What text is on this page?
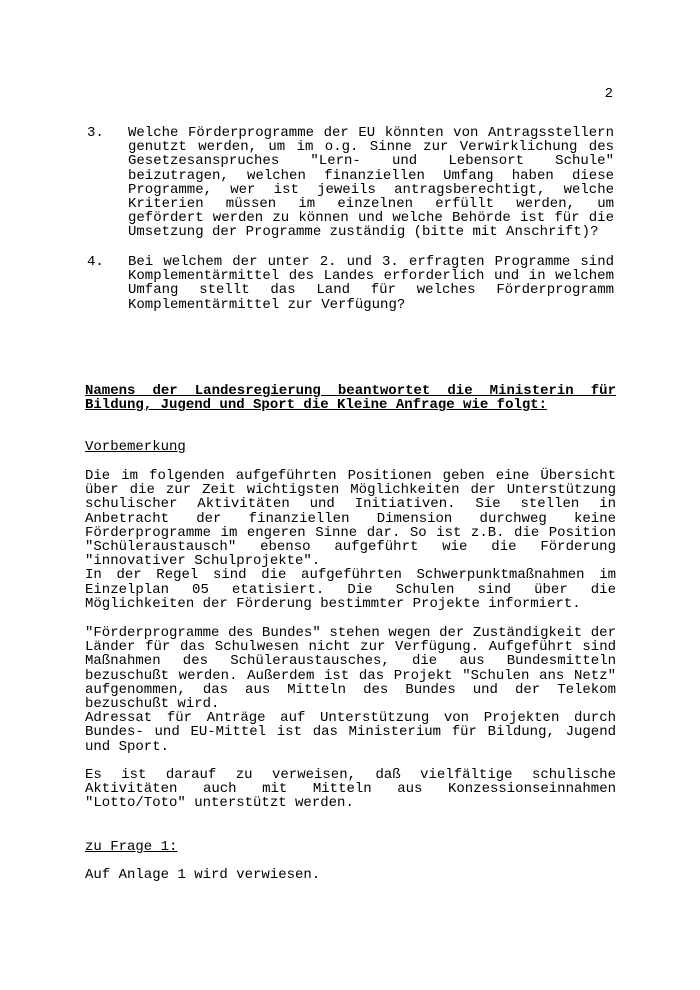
2
3. Welche Förderprogramme der EU könnten von Antragsstellern genutzt werden, um im o.g. Sinne zur Verwirklichung des Gesetzesanspruches "Lern- und Lebensort Schule" beizutragen, welchen finanziellen Umfang haben diese Programme, wer ist jeweils antragsberechtigt, welche Kriterien müssen im einzelnen erfüllt werden, um gefördert werden zu können und welche Behörde ist für die Umsetzung der Programme zuständig (bitte mit Anschrift)?
4. Bei welchem der unter 2. und 3. erfragten Programme sind Komplementärmittel des Landes erforderlich und in welchem Umfang stellt das Land für welches Förderprogramm Komplementärmittel zur Verfügung?
Namens der Landesregierung beantwortet die Ministerin für
Bildung, Jugend und Sport die Kleine Anfrage wie folgt:
Vorbemerkung

Die im folgenden aufgeführten Positionen geben eine Übersicht über die zur Zeit wichtigsten Möglichkeiten der Unterstützung schulischer Aktivitäten und Initiativen. Sie stellen in Anbetracht der finanziellen Dimension durchweg keine Förderprogramme im engeren Sinne dar. So ist z.B. die Position "Schüleraustausch" ebenso aufgeführt wie die Förderung "innovativer Schulprojekte".

In der Regel sind die aufgeführten Schwerpunktmaßnahmen im Einzelplan 05 etatisiert. Die Schulen sind über die Möglichkeiten der Förderung bestimmter Projekte informiert.

"Förderprogramme des Bundes" stehen wegen der Zuständigkeit der Länder für das Schulwesen nicht zur Verfügung. Aufgeführt sind Maßnahmen des Schüleraustausches, die aus Bundesmitteln bezuschußt werden. Außerdem ist das Projekt "Schulen ans Netz" aufgenommen, das aus Mitteln des Bundes und der Telekom bezuschußt wird.

Adressat für Anträge auf Unterstützung von Projekten durch Bundes- und EU-Mittel ist das Ministerium für Bildung, Jugend und Sport.

Es ist darauf zu verweisen, daß vielfältige schulische Aktivitäten auch mit Mitteln aus Konzessionseinnahmen "Lotto/Toto" unterstützt werden.

zu Frage 1:

Auf Anlage 1 wird verwiesen.
